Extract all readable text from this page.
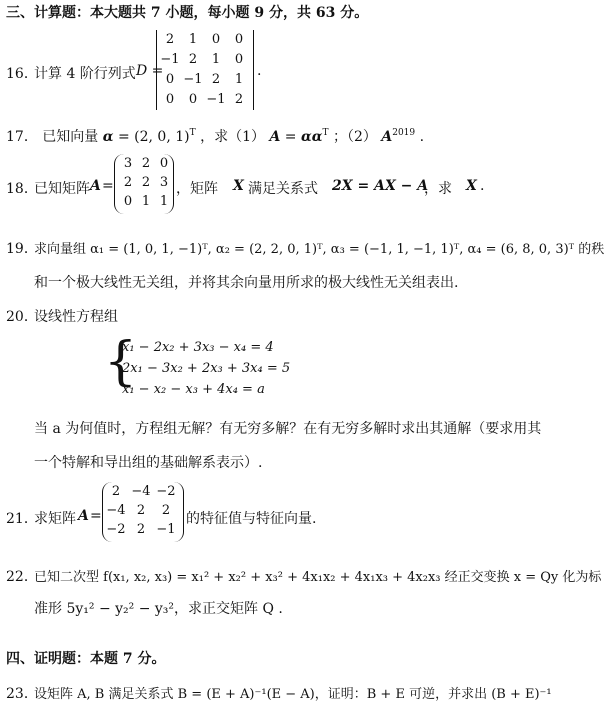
三、计算题：本大题共 7 小题，每小题 9 分，共 63 分。
16．
计算 4 阶行列式 D =
2	1	0	0
−1 2	1	0
0 −1 2	1
0	0 −1 2
.
17． 已知向量 α = (2, 0, 1)$^T$ ，求（1） $A = \alpha\alpha^T$ ；（2） $A^{2019}$ .
18．
已知矩阵 A =
3 2 0
2 2 3
0 1 1
，矩阵 X 满足关系式 2X = AX − A
，求 X .
19．
求向量组 α₁ = (1, 0, 1, −1)ᵀ, α₂ = (2, 2, 0, 1)ᵀ, α₃ = (−1, 1, −1, 1)ᵀ, α₄ = (6, 8, 0, 3)ᵀ 的秩
和一个极大线性无关组，并将其余向量用所求的极大线性无关组表出.
20．
设线性方程组
{
x₁ − 2x₂ + 3x₃ − x₄ = 4
2x₁ − 3x₂ + 2x₃ + 3x₄ = 5
x₁ − x₂ − x₃ + 4x₄ = a
当 a 为何值时，方程组无解？有无穷多解？在有无穷多解时求出其通解（要求用其
一个特解和导出组的基础解系表示）.
21．
求矩阵 A =
2 −4 −2
−4 2	2
−2 2 −1
的特征值与特征向量.
22．
已知二次型 f(x₁, x₂, x₃) = x₁² + x₂² + x₃² + 4x₁x₂ + 4x₁x₃ + 4x₂x₃ 经正交变换 x = Qy 化为标
准形 5y₁² − y₂² − y₃²，求正交矩阵 Q .
四、证明题：本题 7 分。
23．
设矩阵 A, B 满足关系式 B = (E + A)⁻¹(E − A)，证明：B + E 可逆，并求出 (B + E)⁻¹
